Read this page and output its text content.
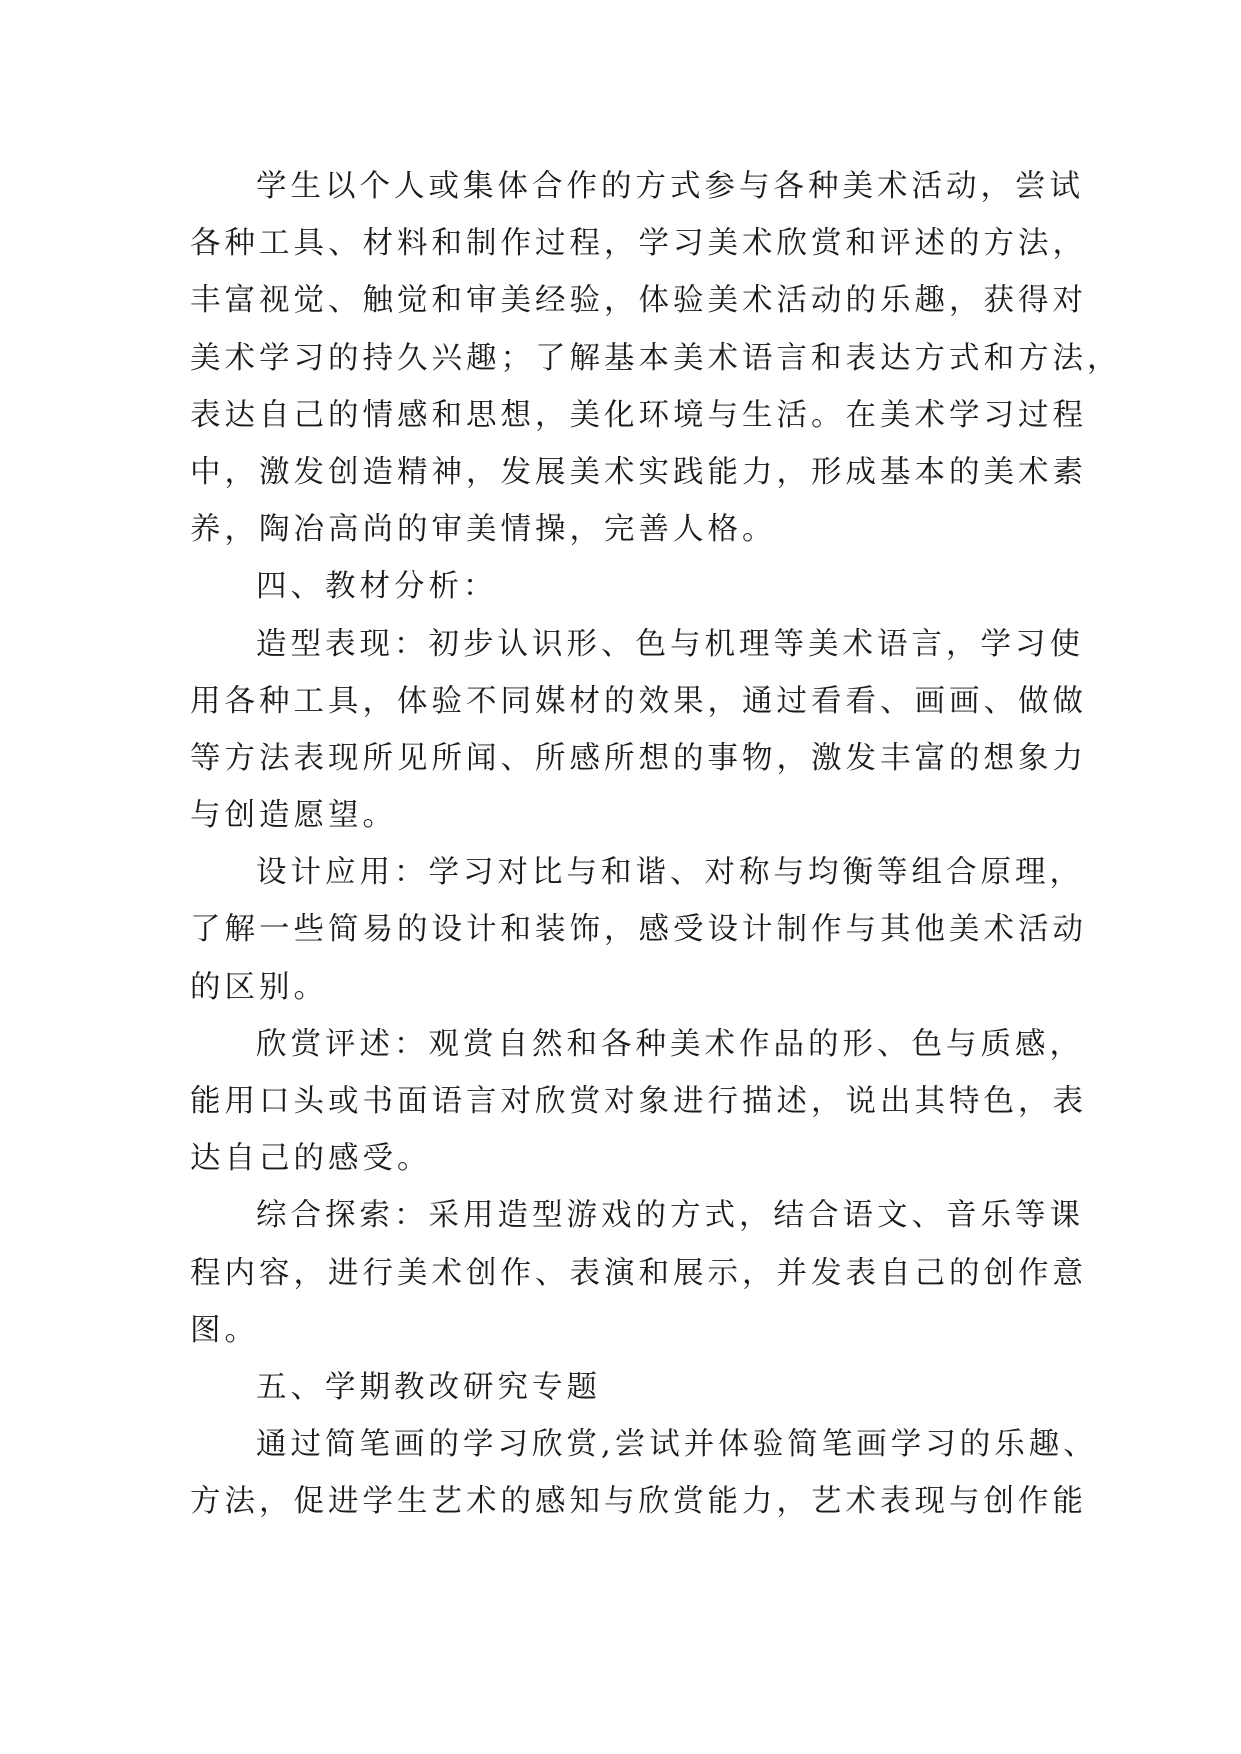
学生以个人或集体合作的方式参与各种美术活动，尝试
各种工具、材料和制作过程，学习美术欣赏和评述的方法，
丰富视觉、触觉和审美经验，体验美术活动的乐趣，获得对
美术学习的持久兴趣；了解基本美术语言和表达方式和方法，
表达自己的情感和思想，美化环境与生活。在美术学习过程
中，激发创造精神，发展美术实践能力，形成基本的美术素
养，陶冶高尚的审美情操，完善人格。
四、教材分析：
造型表现：初步认识形、色与机理等美术语言，学习使
用各种工具，体验不同媒材的效果，通过看看、画画、做做
等方法表现所见所闻、所感所想的事物，激发丰富的想象力
与创造愿望。
设计应用：学习对比与和谐、对称与均衡等组合原理，
了解一些简易的设计和装饰，感受设计制作与其他美术活动
的区别。
欣赏评述：观赏自然和各种美术作品的形、色与质感，
能用口头或书面语言对欣赏对象进行描述，说出其特色，表
达自己的感受。
综合探索：采用造型游戏的方式，结合语文、音乐等课
程内容，进行美术创作、表演和展示，并发表自己的创作意
图。
五、学期教改研究专题
通过简笔画的学习欣赏,尝试并体验简笔画学习的乐趣、
方法，促进学生艺术的感知与欣赏能力，艺术表现与创作能
